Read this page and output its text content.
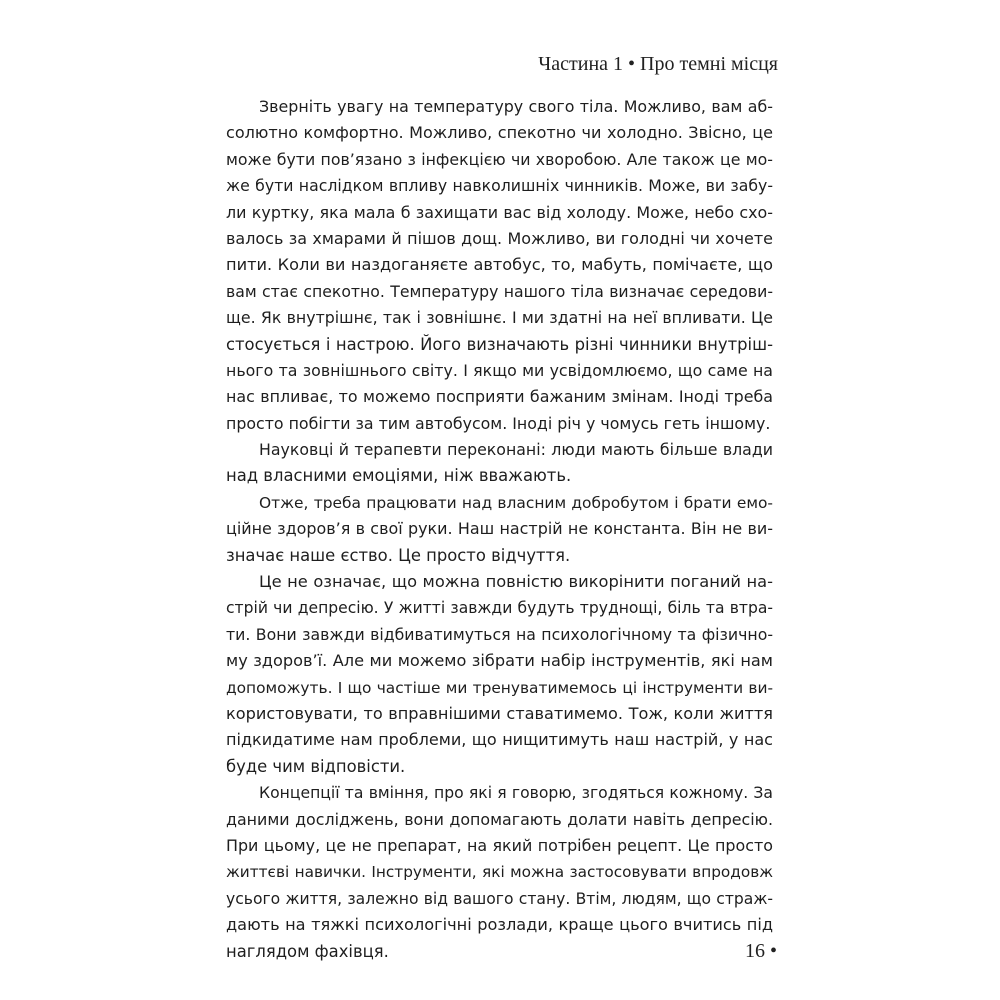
Частина 1 • Про темні місця
Зверніть увагу на температуру свого тіла. Можливо, вам аб-
солютно комфортно. Можливо, спекотно чи холодно. Звісно, це
може бути пов’язано з інфекцією чи хворобою. Але також це мо-
же бути наслідком впливу навколишніх чинників. Може, ви забу-
ли куртку, яка мала б захищати вас від холоду. Може, небо схо-
валось за хмарами й пішов дощ. Можливо, ви голодні чи хочете
пити. Коли ви наздоганяєте автобус, то, мабуть, помічаєте, що
вам стає спекотно. Температуру нашого тіла визначає середови-
ще. Як внутрішнє, так і зовнішнє. І ми здатні на неї впливати. Це
стосується і настрою. Його визначають різні чинники внутріш-
нього та зовнішнього світу. І якщо ми усвідомлюємо, що саме на
нас впливає, то можемо посприяти бажаним змінам. Іноді треба
просто побігти за тим автобусом. Іноді річ у чомусь геть іншому.
Науковці й терапевти переконані: люди мають більше влади
над власними емоціями, ніж вважають.
Отже, треба працювати над власним добробутом і брати емо-
ційне здоров’я в свої руки. Наш настрій не константа. Він не ви-
значає наше єство. Це просто відчуття.
Це не означає, що можна повністю викорінити поганий на-
стрій чи депресію. У житті завжди будуть труднощі, біль та втра-
ти. Вони завжди відбиватимуться на психологічному та фізично-
му здоров’ї. Але ми можемо зібрати набір інструментів, які нам
допоможуть. І що частіше ми тренуватимемось ці інструменти ви-
користовувати, то вправнішими ставатимемо. Тож, коли життя
підкидатиме нам проблеми, що нищитимуть наш настрій, у нас
буде чим відповісти.
Концепції та вміння, про які я говорю, згодяться кожному. За
даними досліджень, вони допомагають долати навіть депресію.
При цьому, це не препарат, на який потрібен рецепт. Це просто
життєві навички. Інструменти, які можна застосовувати впродовж
усього життя, залежно від вашого стану. Втім, людям, що страж-
дають на тяжкі психологічні розлади, краще цього вчитись під
наглядом фахівця.	16 •
